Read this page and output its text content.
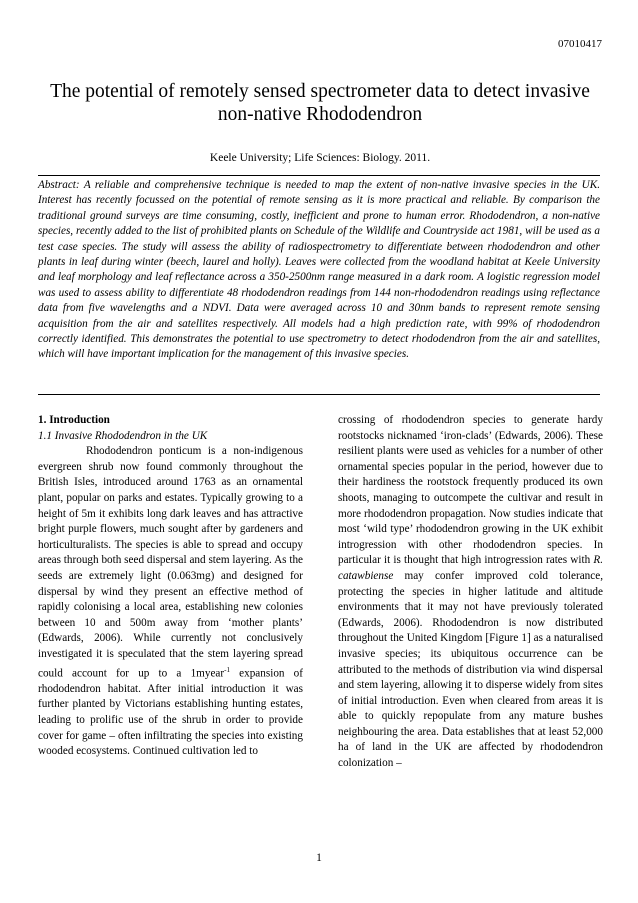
07010417
The potential of remotely sensed spectrometer data to detect invasive non-native Rhododendron
Keele University; Life Sciences: Biology. 2011.

Abstract: A reliable and comprehensive technique is needed to map the extent of non-native invasive species in the UK. Interest has recently focussed on the potential of remote sensing as it is more practical and reliable. By comparison the traditional ground surveys are time consuming, costly, inefficient and prone to human error. Rhododendron, a non-native species, recently added to the list of prohibited plants on Schedule of the Wildlife and Countryside act 1981, will be used as a test case species. The study will assess the ability of radiospectrometry to differentiate between rhododendron and other plants in leaf during winter (beech, laurel and holly). Leaves were collected from the woodland habitat at Keele University and leaf morphology and leaf reflectance across a 350-2500nm range measured in a dark room. A logistic regression model was used to assess ability to differentiate 48 rhododendron readings from 144 non-rhododendron readings using reflectance data from five wavelengths and a NDVI. Data were averaged across 10 and 30nm bands to represent remote sensing acquisition from the air and satellites respectively. All models had a high prediction rate, with 99% of rhododendron correctly identified. This demonstrates the potential to use spectrometry to detect rhododendron from the air and satellites, which will have important implication for the management of this invasive species.

1. Introduction

1.1 Invasive Rhododendron in the UK

Rhododendron ponticum is a non-indigenous evergreen shrub now found commonly throughout the British Isles, introduced around 1763 as an ornamental plant, popular on parks and estates. Typically growing to a height of 5m it exhibits long dark leaves and has attractive bright purple flowers, much sought after by gardeners and horticulturalists. The species is able to spread and occupy areas through both seed dispersal and stem layering. As the seeds are extremely light (0.063mg) and designed for dispersal by wind they present an effective method of rapidly colonising a local area, establishing new colonies between 10 and 500m away from ‘mother plants’ (Edwards, 2006). While currently not conclusively investigated it is speculated that the stem layering spread could account for up to a 1myear$^{-1}$ expansion of rhododendron habitat. After initial introduction it was further planted by Victorians establishing hunting estates, leading to prolific use of the shrub in order to provide cover for game – often infiltrating the species into existing wooded ecosystems. Continued cultivation led to

crossing of rhododendron species to generate hardy rootstocks nicknamed ‘iron-clads’ (Edwards, 2006). These resilient plants were used as vehicles for a number of other ornamental species popular in the period, however due to their hardiness the rootstock frequently produced its own shoots, managing to outcompete the cultivar and result in more rhododendron propagation. Now studies indicate that most ‘wild type’ rhododendron growing in the UK exhibit introgression with other rhododendron species. In particular it is thought that high introgression rates with R. catawbiense may confer improved cold tolerance, protecting the species in higher latitude and altitude environments that it may not have previously tolerated (Edwards, 2006). Rhododendron is now distributed throughout the United Kingdom [Figure 1] as a naturalised invasive species; its ubiquitous occurrence can be attributed to the methods of distribution via wind dispersal and stem layering, allowing it to disperse widely from sites of initial introduction. Even when cleared from areas it is able to quickly repopulate from any mature bushes neighbouring the area. Data establishes that at least 52,000 ha of land in the UK are affected by rhododendron colonization –

1
